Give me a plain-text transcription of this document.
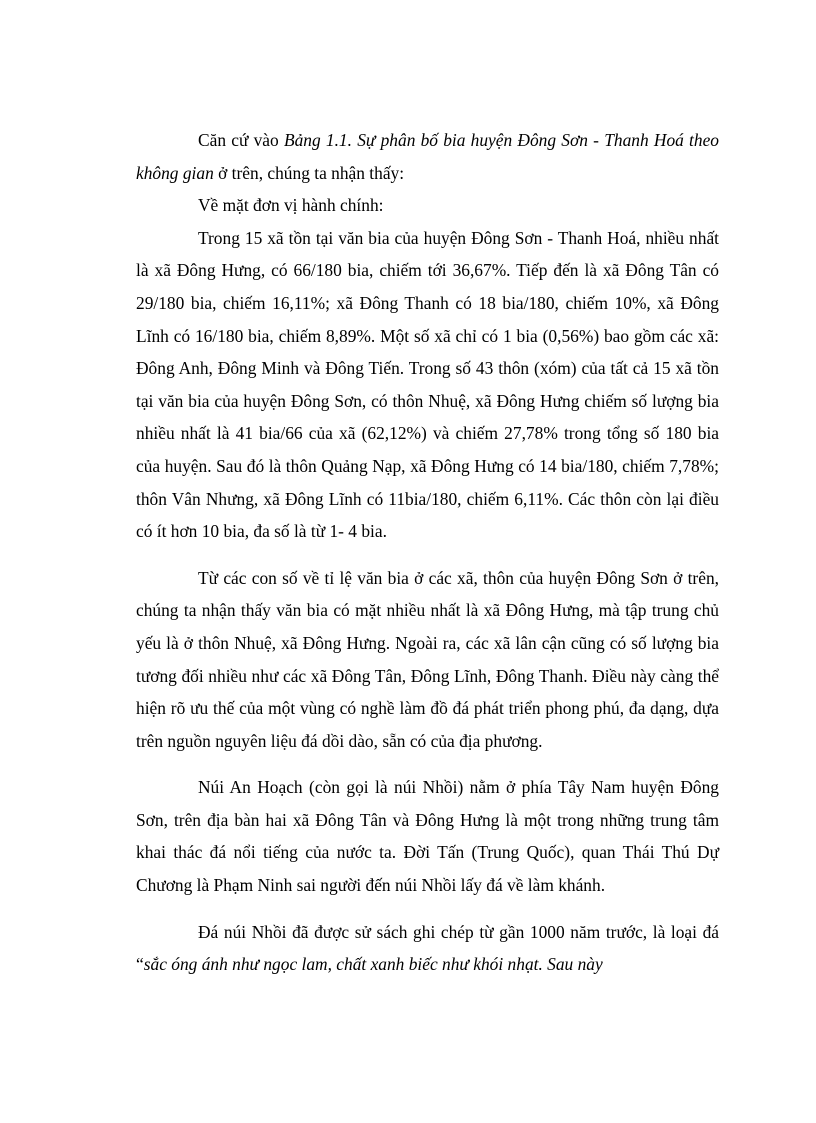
Căn cứ vào Bảng 1.1. Sự phân bố bia huyện Đông Sơn - Thanh Hoá theo không gian ở trên, chúng ta nhận thấy:

Về mặt đơn vị hành chính:

Trong 15 xã tồn tại văn bia của huyện Đông Sơn - Thanh Hoá, nhiều nhất là xã Đông Hưng, có 66/180 bia, chiếm tới 36,67%. Tiếp đến là xã Đông Tân có 29/180 bia, chiếm 16,11%; xã Đông Thanh có 18 bia/180, chiếm 10%, xã Đông Lĩnh có 16/180 bia, chiếm 8,89%. Một số xã chỉ có 1 bia (0,56%) bao gồm các xã: Đông Anh, Đông Minh và Đông Tiến. Trong số 43 thôn (xóm) của tất cả 15 xã tồn tại văn bia của huyện Đông Sơn, có thôn Nhuệ, xã Đông Hưng chiếm số lượng bia nhiều nhất là 41 bia/66 của xã (62,12%) và chiếm 27,78% trong tổng số 180 bia của huyện. Sau đó là thôn Quảng Nạp, xã Đông Hưng có 14 bia/180, chiếm 7,78%; thôn Vân Nhưng, xã Đông Lĩnh có 11bia/180, chiếm 6,11%. Các thôn còn lại điều có ít hơn 10 bia, đa số là từ 1- 4 bia.

Từ các con số về tỉ lệ văn bia ở các xã, thôn của huyện Đông Sơn ở trên, chúng ta nhận thấy văn bia có mặt nhiều nhất là xã Đông Hưng, mà tập trung chủ yếu là ở thôn Nhuệ, xã Đông Hưng. Ngoài ra, các xã lân cận cũng có số lượng bia tương đối nhiều như các xã Đông Tân, Đông Lĩnh, Đông Thanh. Điều này càng thể hiện rõ ưu thế của một vùng có nghề làm đồ đá phát triển phong phú, đa dạng, dựa trên nguồn nguyên liệu đá dồi dào, sẵn có của địa phương.

Núi An Hoạch (còn gọi là núi Nhồi) nằm ở phía Tây Nam huyện Đông Sơn, trên địa bàn hai xã Đông Tân và Đông Hưng là một trong những trung tâm khai thác đá nổi tiếng của nước ta. Đời Tấn (Trung Quốc), quan Thái Thú Dự Chương là Phạm Ninh sai người đến núi Nhồi lấy đá về làm khánh.

Đá núi Nhồi đã được sử sách ghi chép từ gần 1000 năm trước, là loại đá “sắc óng ánh như ngọc lam, chất xanh biếc như khói nhạt. Sau này
